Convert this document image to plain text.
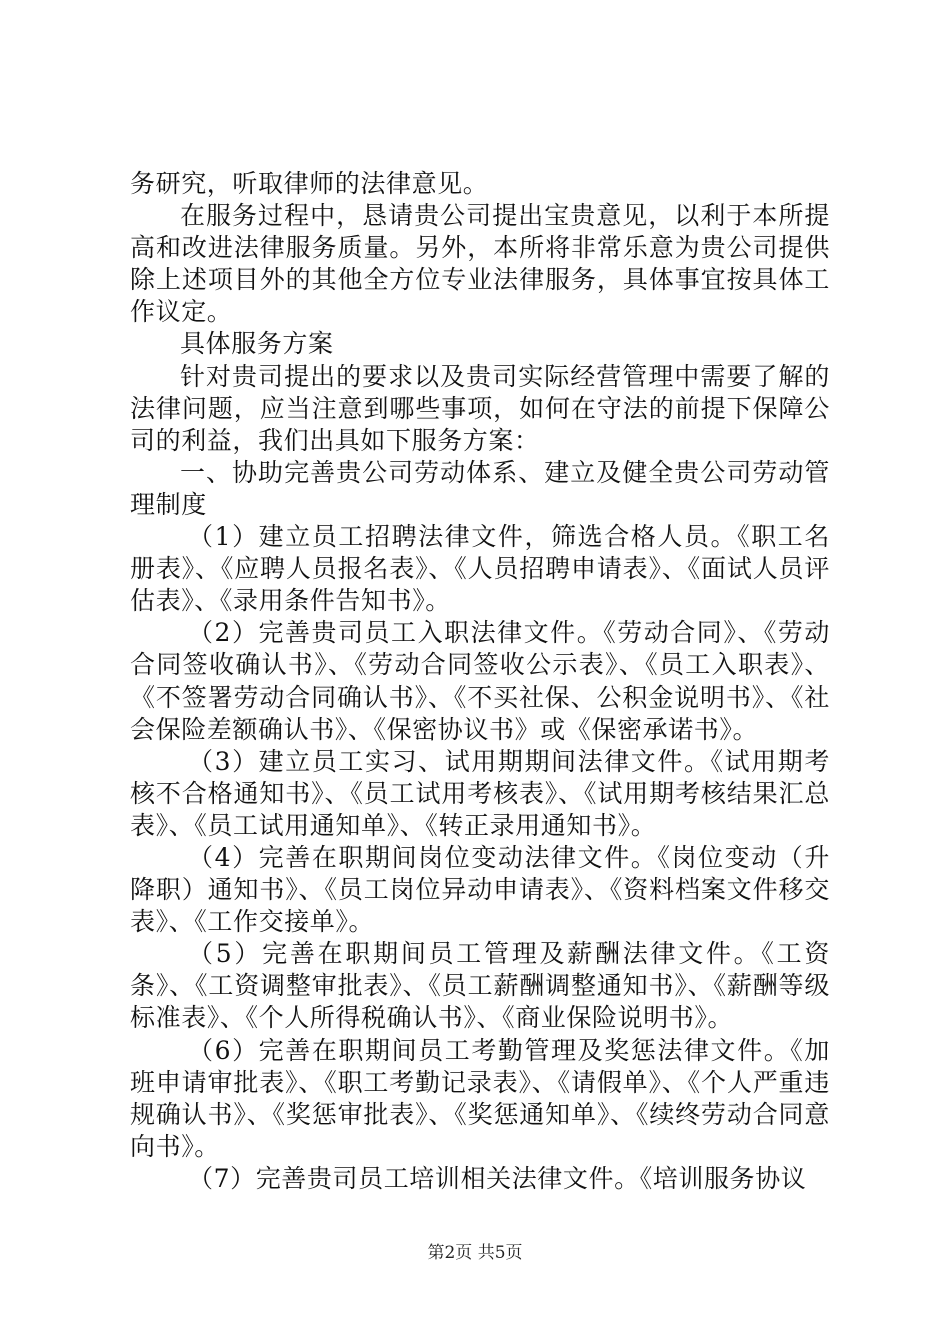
务研究，听取律师的法律意见。

在服务过程中，恳请贵公司提出宝贵意见，以利于本所提高和改进法律服务质量。另外，本所将非常乐意为贵公司提供除上述项目外的其他全方位专业法律服务，具体事宜按具体工作议定。

具体服务方案

针对贵司提出的要求以及贵司实际经营管理中需要了解的法律问题，应当注意到哪些事项，如何在守法的前提下保障公司的利益，我们出具如下服务方案：

一、协助完善贵公司劳动体系、建立及健全贵公司劳动管理制度

（1）建立员工招聘法律文件，筛选合格人员。《职工名册表》、《应聘人员报名表》、《人员招聘申请表》、《面试人员评估表》、《录用条件告知书》。

（2）完善贵司员工入职法律文件。《劳动合同》、《劳动合同签收确认书》、《劳动合同签收公示表》、《员工入职表》、《不签署劳动合同确认书》、《不买社保、公积金说明书》、《社会保险差额确认书》、《保密协议书》或《保密承诺书》。

（3）建立员工实习、试用期期间法律文件。《试用期考核不合格通知书》、《员工试用考核表》、《试用期考核结果汇总表》、《员工试用通知单》、《转正录用通知书》。

（4）完善在职期间岗位变动法律文件。《岗位变动（升降职）通知书》、《员工岗位异动申请表》、《资料档案文件移交表》、《工作交接单》。

（5）完善在职期间员工管理及薪酬法律文件。《工资条》、《工资调整审批表》、《员工薪酬调整通知书》、《薪酬等级标准表》、《个人所得税确认书》、《商业保险说明书》。

（6）完善在职期间员工考勤管理及奖惩法律文件。《加班申请审批表》、《职工考勤记录表》、《请假单》、《个人严重违规确认书》、《奖惩审批表》、《奖惩通知单》、《续终劳动合同意向书》。

（7）完善贵司员工培训相关法律文件。《培训服务协议

第2页 共5页
